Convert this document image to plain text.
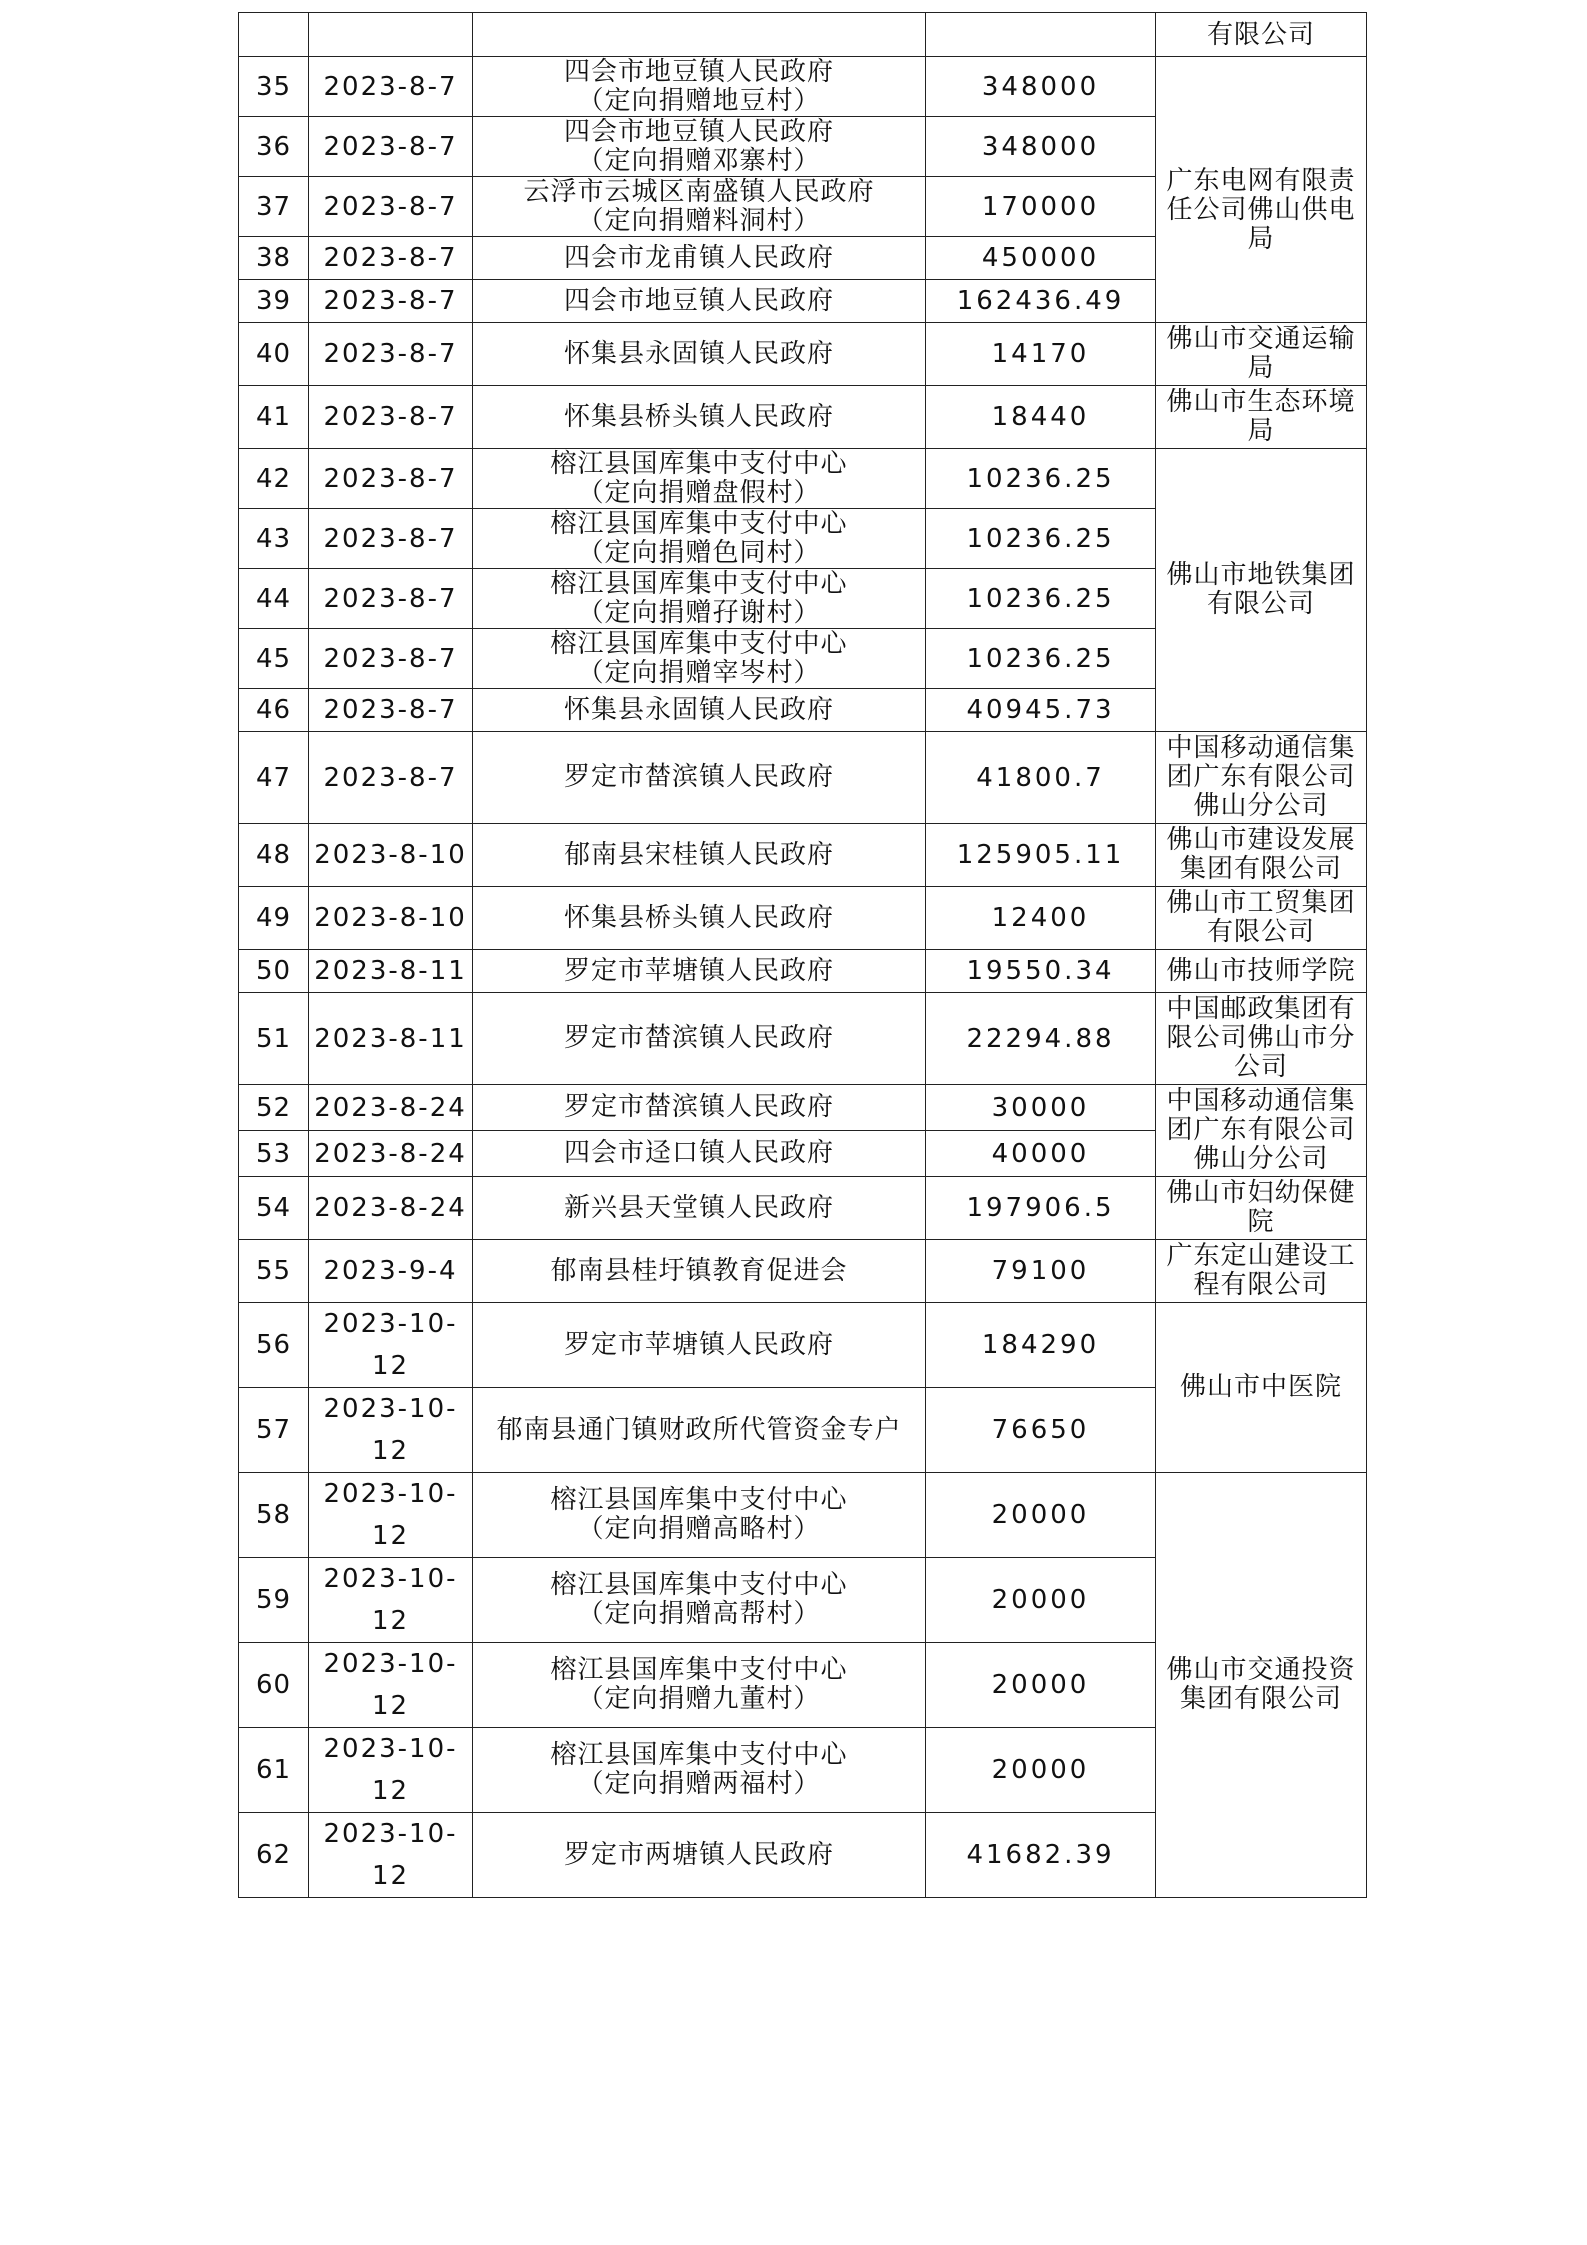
				有限公司

35	2023-8-7	四会市地豆镇人民政府
（定向捐赠地豆村）	348000	广东电网有限责任公司佛山供电局

36	2023-8-7	四会市地豆镇人民政府
（定向捐赠邓寨村）	348000	
37	2023-8-7	云浮市云城区南盛镇人民政府
（定向捐赠料洞村）	170000	
38	2023-8-7	四会市龙甫镇人民政府	450000	
39	2023-8-7	四会市地豆镇人民政府	162436.49	
40	2023-8-7	怀集县永固镇人民政府	14170	佛山市交通运输局

41	2023-8-7	怀集县桥头镇人民政府	18440	佛山市生态环境局

42	2023-8-7	榕江县国库集中支付中心
（定向捐赠盘假村）	10236.25	佛山市地铁集团有限公司

43	2023-8-7	榕江县国库集中支付中心
（定向捐赠色同村）	10236.25	
44	2023-8-7	榕江县国库集中支付中心
（定向捐赠孖谢村）	10236.25	
45	2023-8-7	榕江县国库集中支付中心
（定向捐赠宰岑村）	10236.25	
46	2023-8-7	怀集县永固镇人民政府	40945.73	
47	2023-8-7	罗定市榃滨镇人民政府	41800.7	中国移动通信集团广东有限公司佛山分公司

48	2023-8-10	郁南县宋桂镇人民政府	125905.11	佛山市建设发展集团有限公司

49	2023-8-10	怀集县桥头镇人民政府	12400	佛山市工贸集团有限公司

50	2023-8-11	罗定市苹塘镇人民政府	19550.34	佛山市技师学院

51	2023-8-11	罗定市榃滨镇人民政府	22294.88	中国邮政集团有限公司佛山市分公司

52	2023-8-24	罗定市榃滨镇人民政府	30000	中国移动通信集团广东有限公司佛山分公司

53	2023-8-24	四会市迳口镇人民政府	40000	
54	2023-8-24	新兴县天堂镇人民政府	197906.5	佛山市妇幼保健院

55	2023-9-4	郁南县桂圩镇教育促进会	79100	广东定山建设工程有限公司

56	2023-10-12	罗定市苹塘镇人民政府	184290	佛山市中医院

57	2023-10-12	郁南县通门镇财政所代管资金专户	76650	
58	2023-10-12	榕江县国库集中支付中心
（定向捐赠高略村）	20000	佛山市交通投资集团有限公司

59	2023-10-12	榕江县国库集中支付中心
（定向捐赠高帮村）	20000	
60	2023-10-12	榕江县国库集中支付中心
（定向捐赠九董村）	20000	
61	2023-10-12	榕江县国库集中支付中心
（定向捐赠两福村）	20000	
62	2023-10-12	罗定市两塘镇人民政府	41682.39	
